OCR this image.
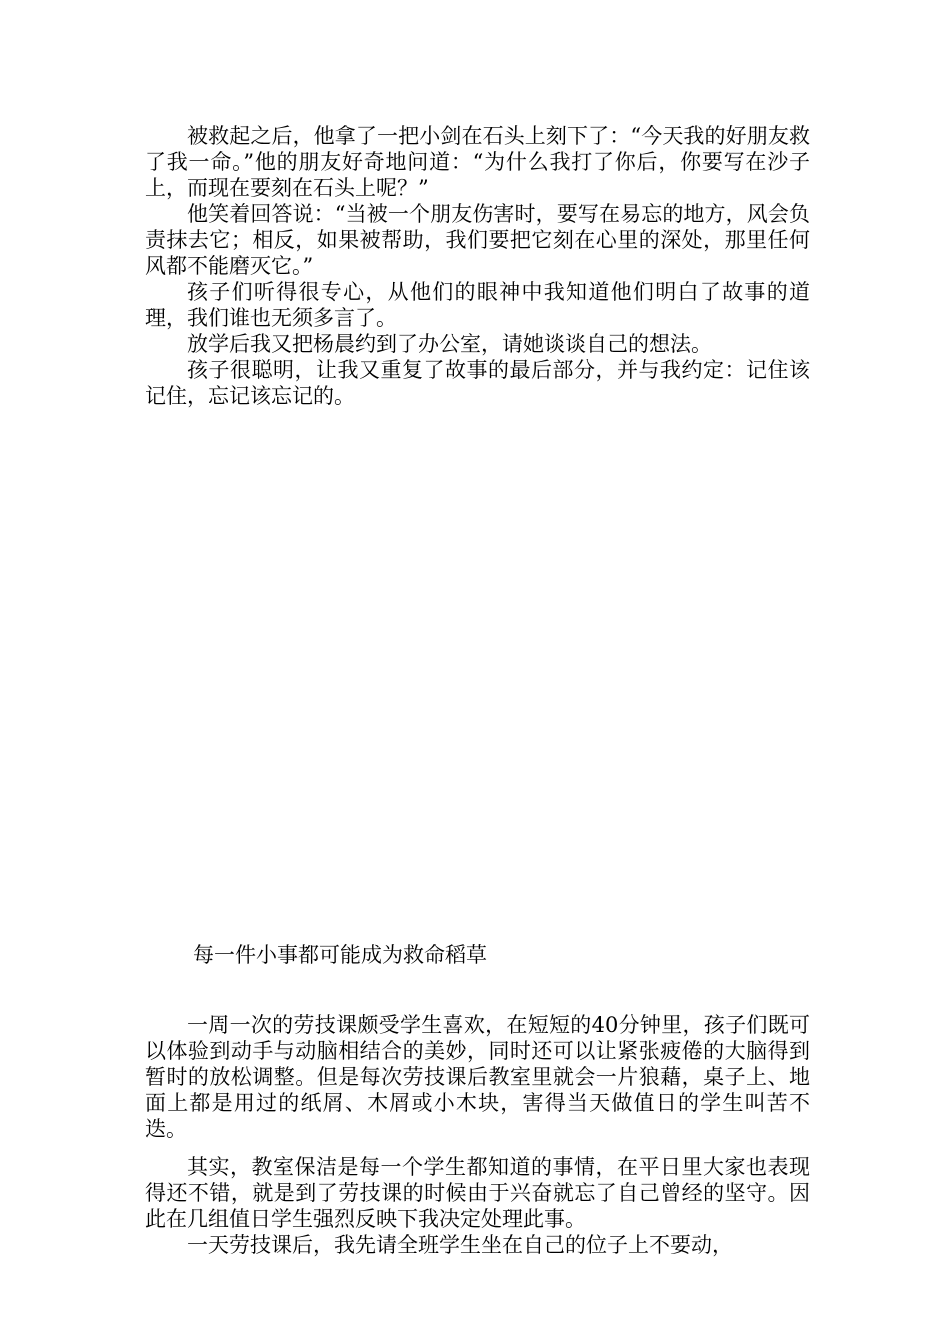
被救起之后，他拿了一把小剑在石头上刻下了：“今天我的好朋友救了我一命。”他的朋友好奇地问道：“为什么我打了你后，你要写在沙子上，而现在要刻在石头上呢？”

他笑着回答说：“当被一个朋友伤害时，要写在易忘的地方，风会负责抹去它；相反，如果被帮助，我们要把它刻在心里的深处，那里任何风都不能磨灭它。”

孩子们听得很专心，从他们的眼神中我知道他们明白了故事的道理，我们谁也无须多言了。

放学后我又把杨晨约到了办公室，请她谈谈自己的想法。

孩子很聪明，让我又重复了故事的最后部分，并与我约定：记住该记住，忘记该忘记的。

每一件小事都可能成为救命稻草

一周一次的劳技课颇受学生喜欢，在短短的40分钟里，孩子们既可以体验到动手与动脑相结合的美妙，同时还可以让紧张疲倦的大脑得到暂时的放松调整。但是每次劳技课后教室里就会一片狼藉，桌子上、地面上都是用过的纸屑、木屑或小木块，害得当天做值日的学生叫苦不迭。

其实，教室保洁是每一个学生都知道的事情，在平日里大家也表现得还不错，就是到了劳技课的时候由于兴奋就忘了自己曾经的坚守。因此在几组值日学生强烈反映下我决定处理此事。

一天劳技课后，我先请全班学生坐在自己的位子上不要动，
